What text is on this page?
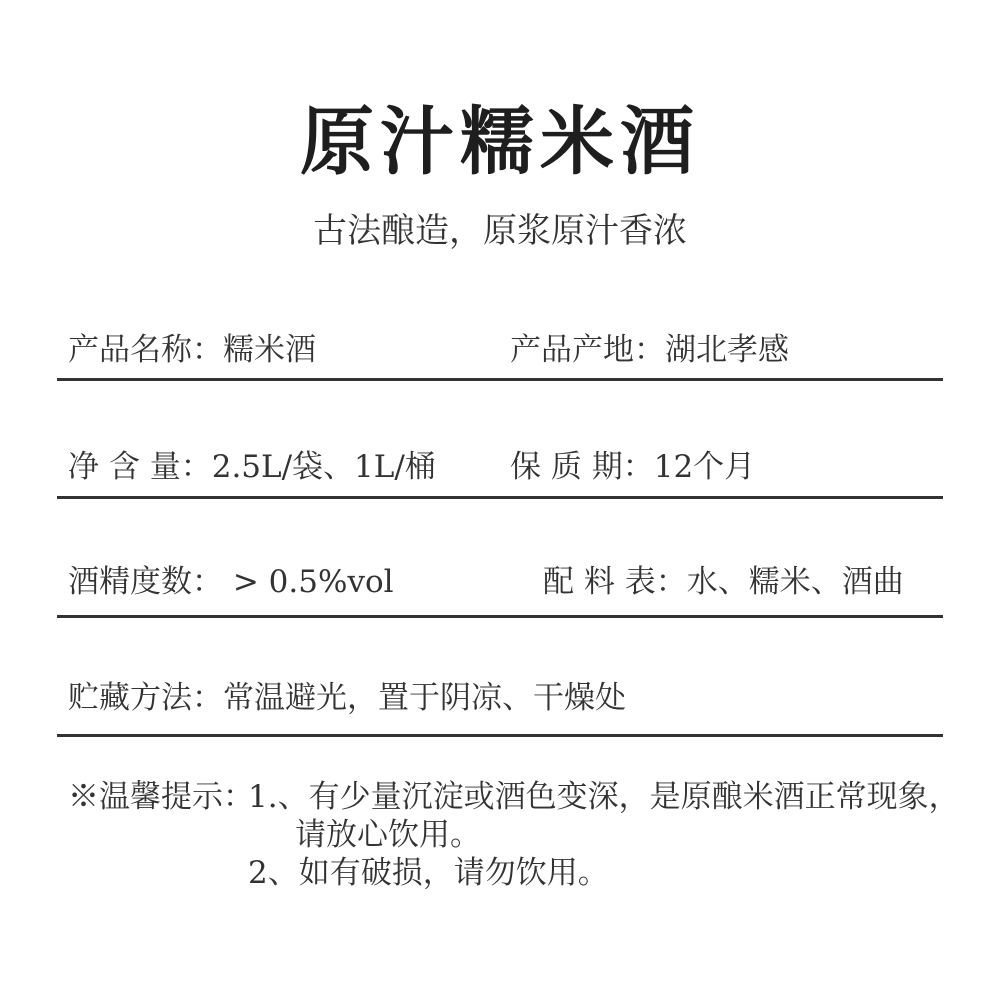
原汁糯米酒
古法酿造，原浆原汁香浓
产品名称：糯米酒	产品产地：湖北孝感
净 含 量：2.5L/袋、1L/桶 保 质 期：12个月
酒精度数： > 0.5%vol	配 料 表：水、糯米、酒曲
贮藏方法：常温避光，置于阴凉、干燥处
※温馨提示：
1.、有少量沉淀或酒色变深，是原酿米酒正常现象，
请放心饮用。
2、如有破损，请勿饮用。
